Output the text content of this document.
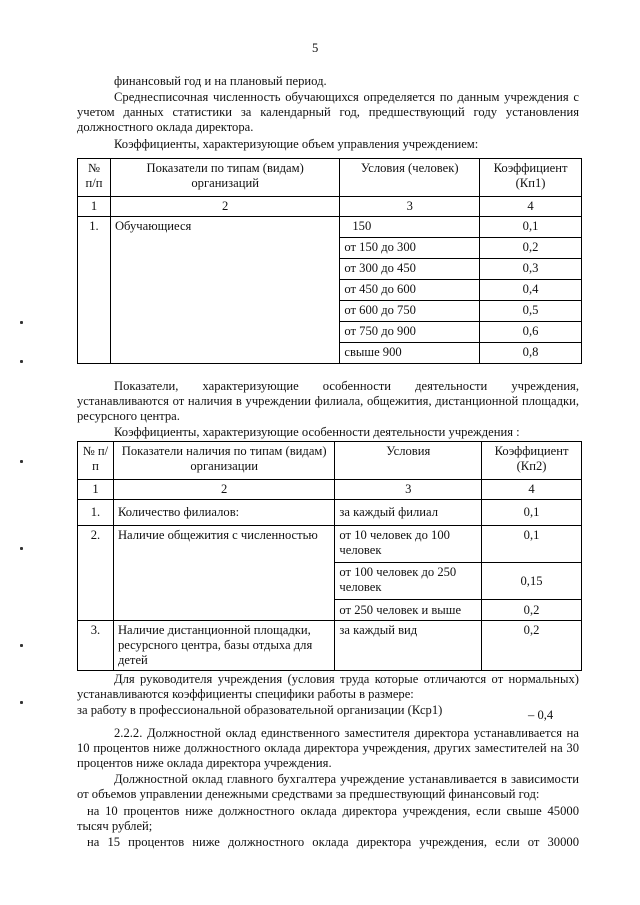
5
финансовый год и на плановый период.
Среднесписочная численность обучающихся определяется по данным учреждения с учетом данных статистики за календарный год, предшествующий году установления должностного оклада директора.
Коэффициенты, характеризующие объем управления учреждением:
№ п/п	Показатели по типам (видам) организаций	Условия (человек)	Коэффициент (Кп1)
1	2	3	4
1.	Обучающиеся	150	0,1
		от 150 до 300	0,2
		от 300 до 450	0,3
		от 450 до 600	0,4
		от 600 до 750	0,5
		от 750 до 900	0,6
		свыше 900	0,8
Показатели, характеризующие особенности деятельности учреждения, устанавливаются от наличия в учреждении филиала, общежития, дистанционной площадки, ресурсного центра.
Коэффициенты, характеризующие особенности деятельности учреждения :
№ п/п	Показатели наличия по типам (видам) организации	Условия	Коэффициент (Кп2)
1	2	3	4
1.	Количество филиалов:	за каждый филиал	0,1
2.	Наличие общежития с численностью	от 10 человек до 100 человек	0,1
		от 100 человек до 250 человек	0,15
		от 250 человек и выше	0,2
3.	Наличие дистанционной площадки, ресурсного центра, базы отдыха для детей	за каждый вид	0,2
Для руководителя учреждения (условия труда которые отличаются от нормальных) устанавливаются коэффициенты специфики работы в размере:
за работу в профессиональной образовательной организации (Кср1)	– 0,4
2.2.2. Должностной оклад единственного заместителя директора устанавливается на 10 процентов ниже должностного оклада директора учреждения, других заместителей на 30 процентов ниже оклада директора учреждения.
Должностной оклад главного бухгалтера учреждение устанавливается в зависимости от объемов управлении денежными средствами за предшествующий финансовый год:
на 10 процентов ниже должностного оклада директора учреждения, если свыше 45000 тысяч рублей;
на 15 процентов ниже должностного оклада директора учреждения, если от 30000
